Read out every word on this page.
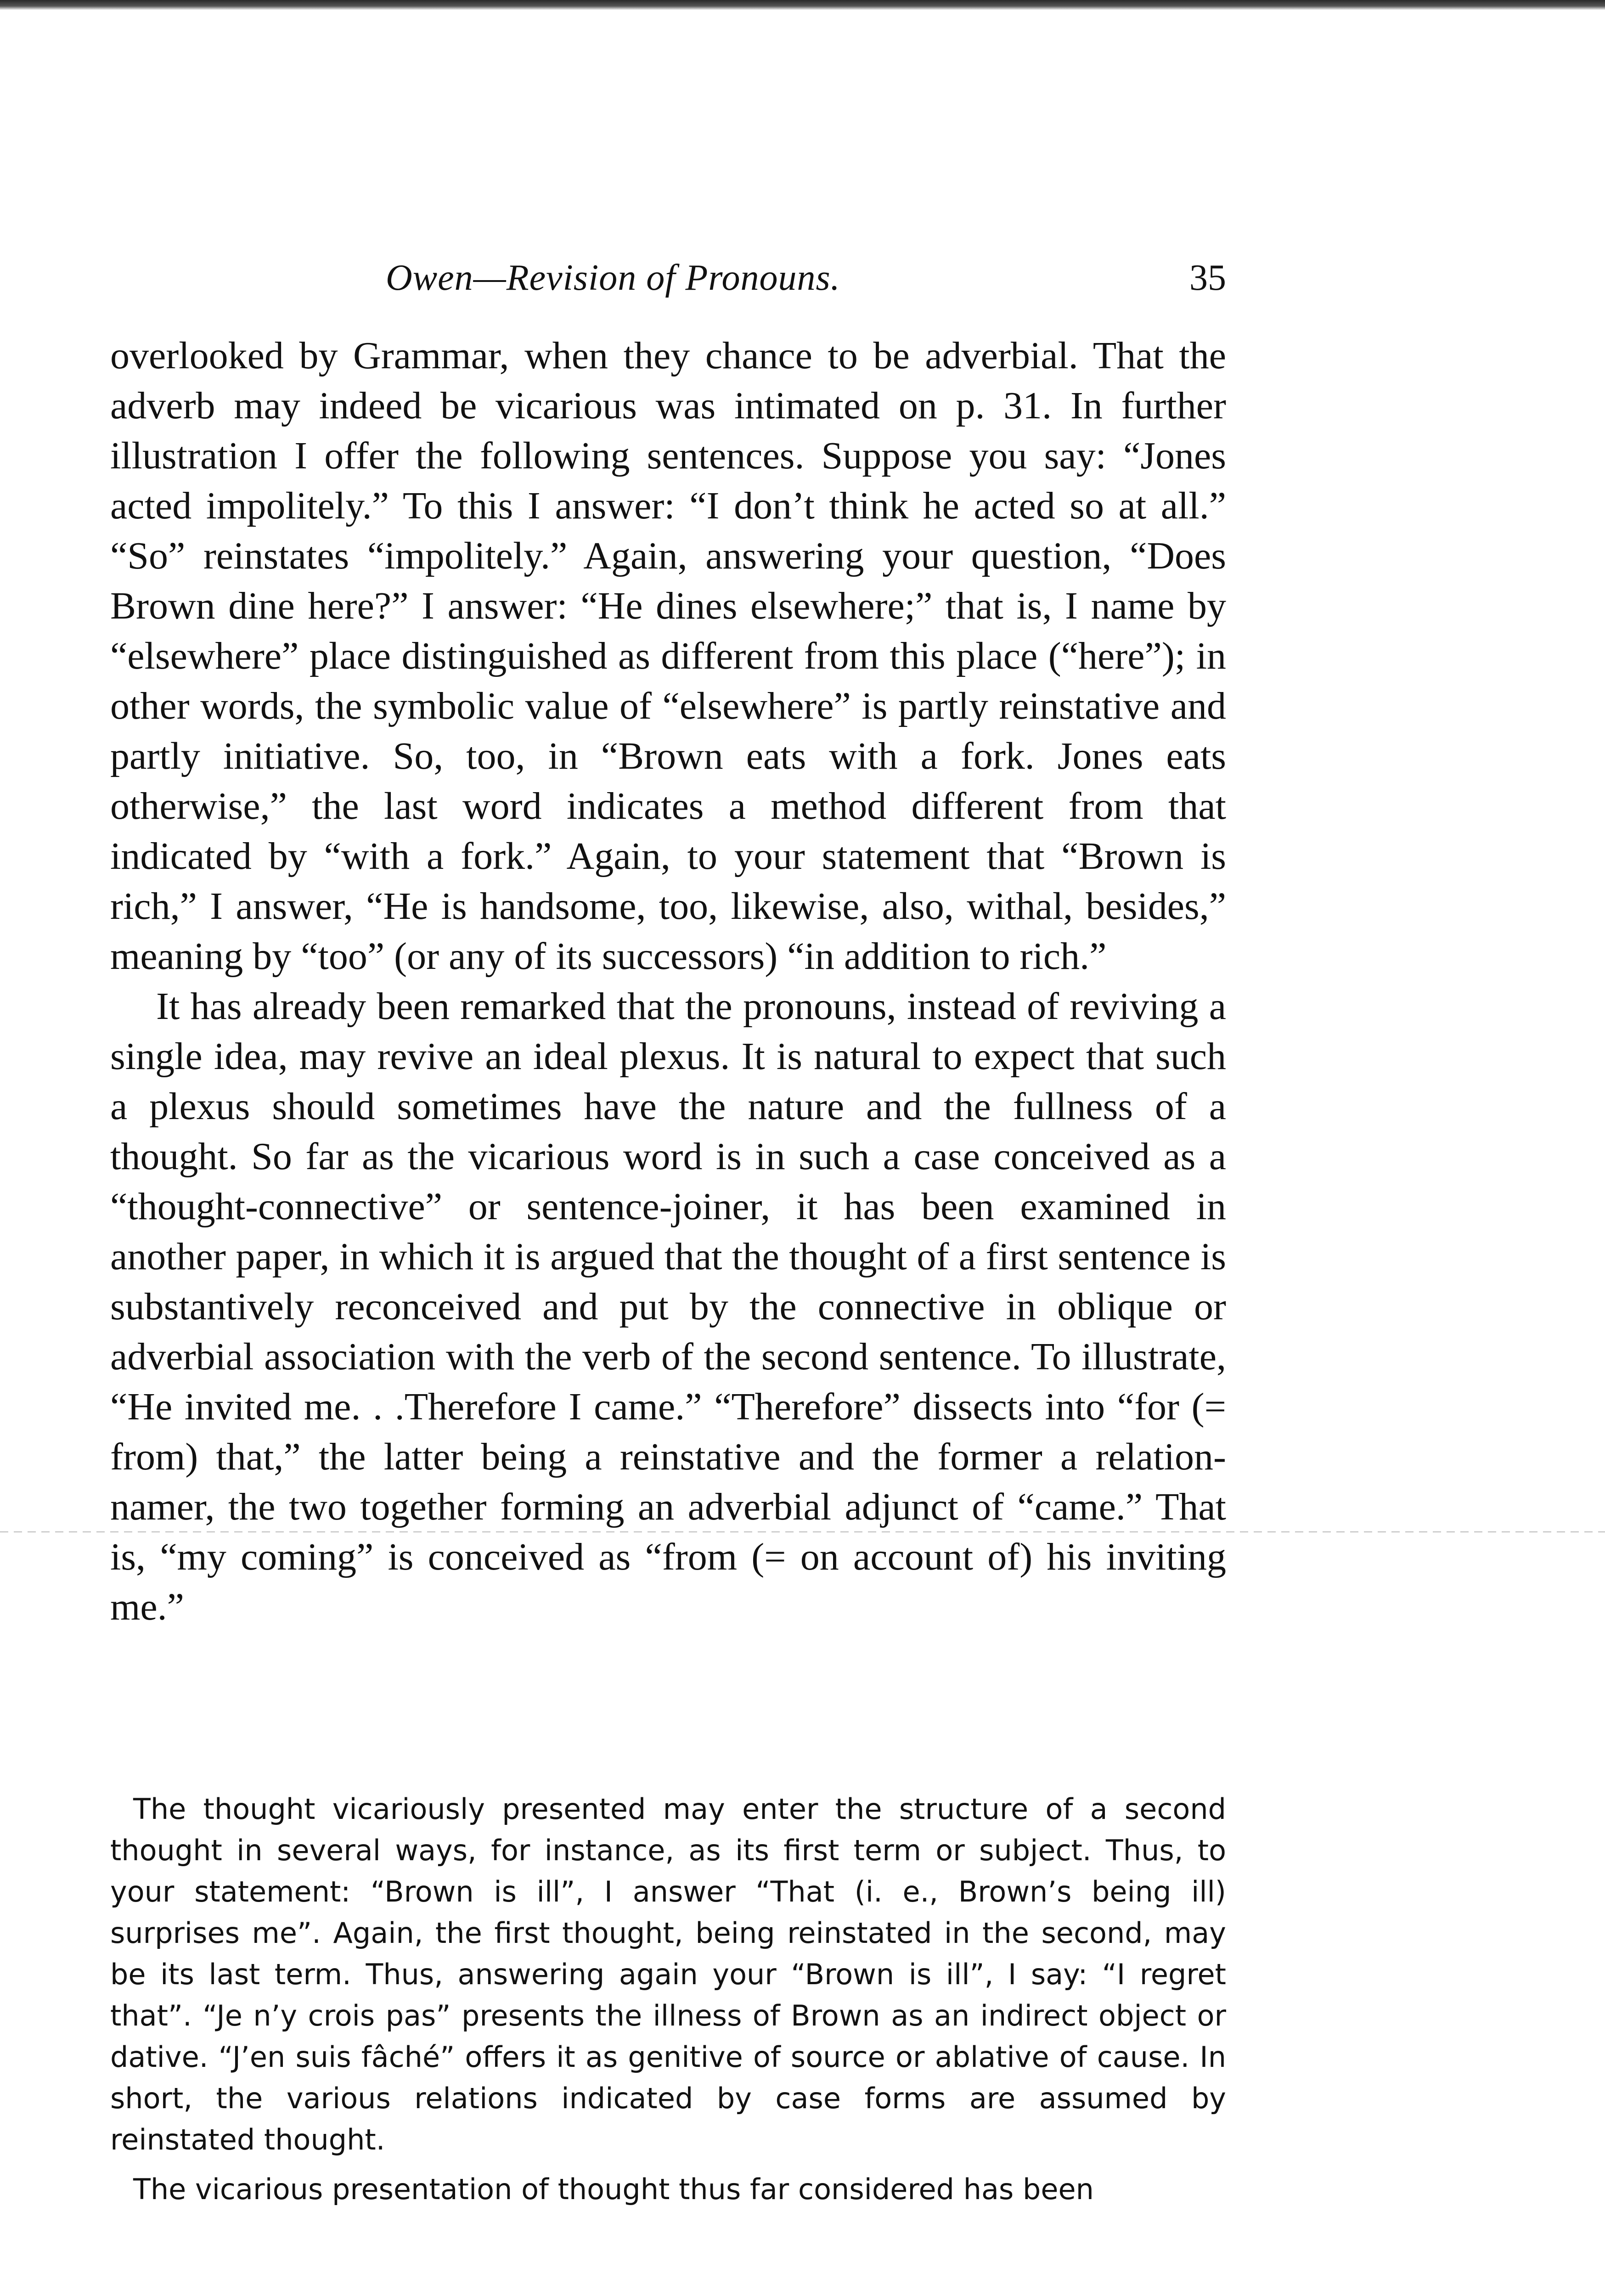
Owen—Revision of Pronouns.	35

overlooked by Grammar, when they chance to be adverbial. That the adverb may indeed be vicarious was intimated on p. 31. In further illustration I offer the following sentences. Suppose you say: “Jones acted impolitely.” To this I answer: “I don’t think he acted so at all.” “So” reinstates “impolitely.” Again, answering your question, “Does Brown dine here?” I answer: “He dines elsewhere;” that is, I name by “elsewhere” place distinguished as different from this place (“here”); in other words, the symbolic value of “elsewhere” is partly reinstative and partly initiative. So, too, in “Brown eats with a fork. Jones eats otherwise,” the last word indicates a method different from that indicated by “with a fork.” Again, to your statement that “Brown is rich,” I answer, “He is handsome, too, likewise, also, withal, besides,” meaning by “too” (or any of its successors) “in addition to rich.”

It has already been remarked that the pronouns, instead of reviving a single idea, may revive an ideal plexus. It is natural to expect that such a plexus should sometimes have the nature and the fullness of a thought. So far as the vicarious word is in such a case conceived as a “thought-connective” or sentence-joiner, it has been examined in another paper, in which it is argued that the thought of a first sentence is substantively reconceived and put by the connective in oblique or adverbial association with the verb of the second sentence. To illustrate, “He invited me. . .Therefore I came.” “Therefore” dissects into “for (= from) that,” the latter being a reinstative and the former a relation-namer, the two together forming an adverbial adjunct of “came.” That is, “my coming” is conceived as “from (= on account of) his inviting me.”

The thought vicariously presented may enter the structure of a second thought in several ways, for instance, as its first term or subject. Thus, to your statement: “Brown is ill”, I answer “That (i. e., Brown’s being ill) surprises me”. Again, the first thought, being reinstated in the second, may be its last term. Thus, answering again your “Brown is ill”, I say: “I regret that”. “Je n’y crois pas” presents the illness of Brown as an indirect object or dative. “J’en suis fâché” offers it as genitive of source or ablative of cause. In short, the various relations indicated by case forms are assumed by reinstated thought.

The vicarious presentation of thought thus far considered has been
